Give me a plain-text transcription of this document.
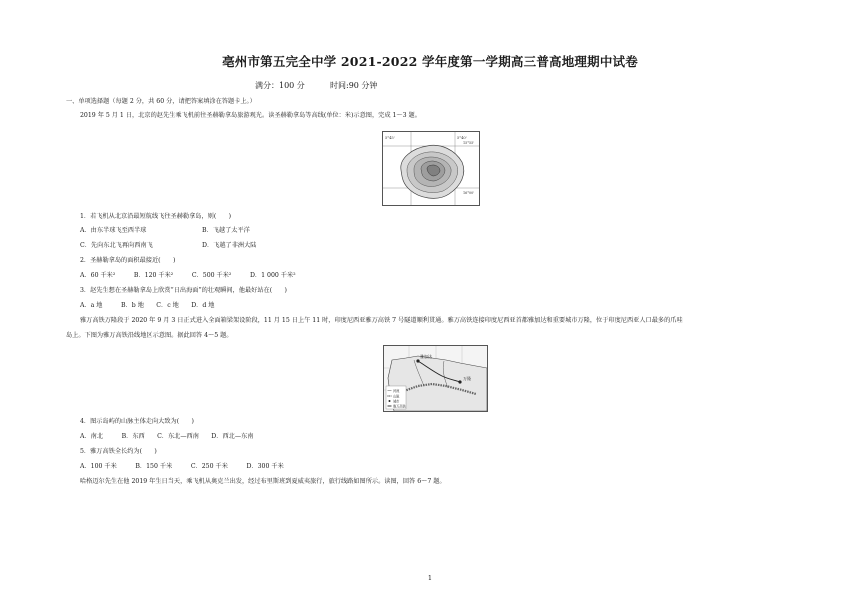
亳州市第五完全中学 2021-2022 学年度第一学期高三普高地理期中试卷
满分：100 分	时间:90 分钟
一、单项选择题（每题 2 分，共 60 分，请把答案填涂在答题卡上。）
2019 年 5 月 1 日，北京的赵先生乘飞机前往圣赫勒拿岛旅游观光。读圣赫勒拿岛等高线(单位：米)示意图，完成 1～3 题。
5°45'	5°40'
15°55'
16°00'
1．若飞机从北京沿最短航线飞往圣赫勒拿岛，则(　　)
A．由东半球飞至西半球	B．飞越了太平洋
C．先向东北飞再向西南飞	D．飞越了非洲大陆
2．圣赫勒拿岛的面积最接近(　　)
A．60 千米²　　　B．120 千米²　　　C．500 千米²　　　D．1 000 千米²
3．赵先生想在圣赫勒拿岛上欣赏“日出海面”的壮观瞬间，他最好站在(　　)
A．a 地　　　B．b 地　　C．c 地　　D．d 地
雅万高铁万隆段于 2020 年 9 月 3 日正式进入全面箱梁架设阶段，11 月 15 日上午 11 时，印度尼西亚雅万高铁 7 号隧道顺利贯通。雅万高铁连接印度尼西亚首都雅加达和重要城市万隆，位于印度尼西亚人口最多的爪哇
岛上。下图为雅万高铁沿线地区示意图。据此回答 4～5 题。
雅加达
万隆
河流
山脉
城市
雅万高铁
4．图示岛屿的山脉主体走向大致为(　　)
A．南北　　　B．东西　　C．东北—西南　　D．西北—东南
5．雅万高铁全长约为(　　)
A．100 千米　　　B．150 千米　　　C．250 千米　　　D．300 千米
哈格迈尔先生在他 2019 年生日当天，乘飞机从奥克兰出发，经过布里斯班到夏威夷旅行，旅行线路如图所示。读图，回答 6～7 题。
1
